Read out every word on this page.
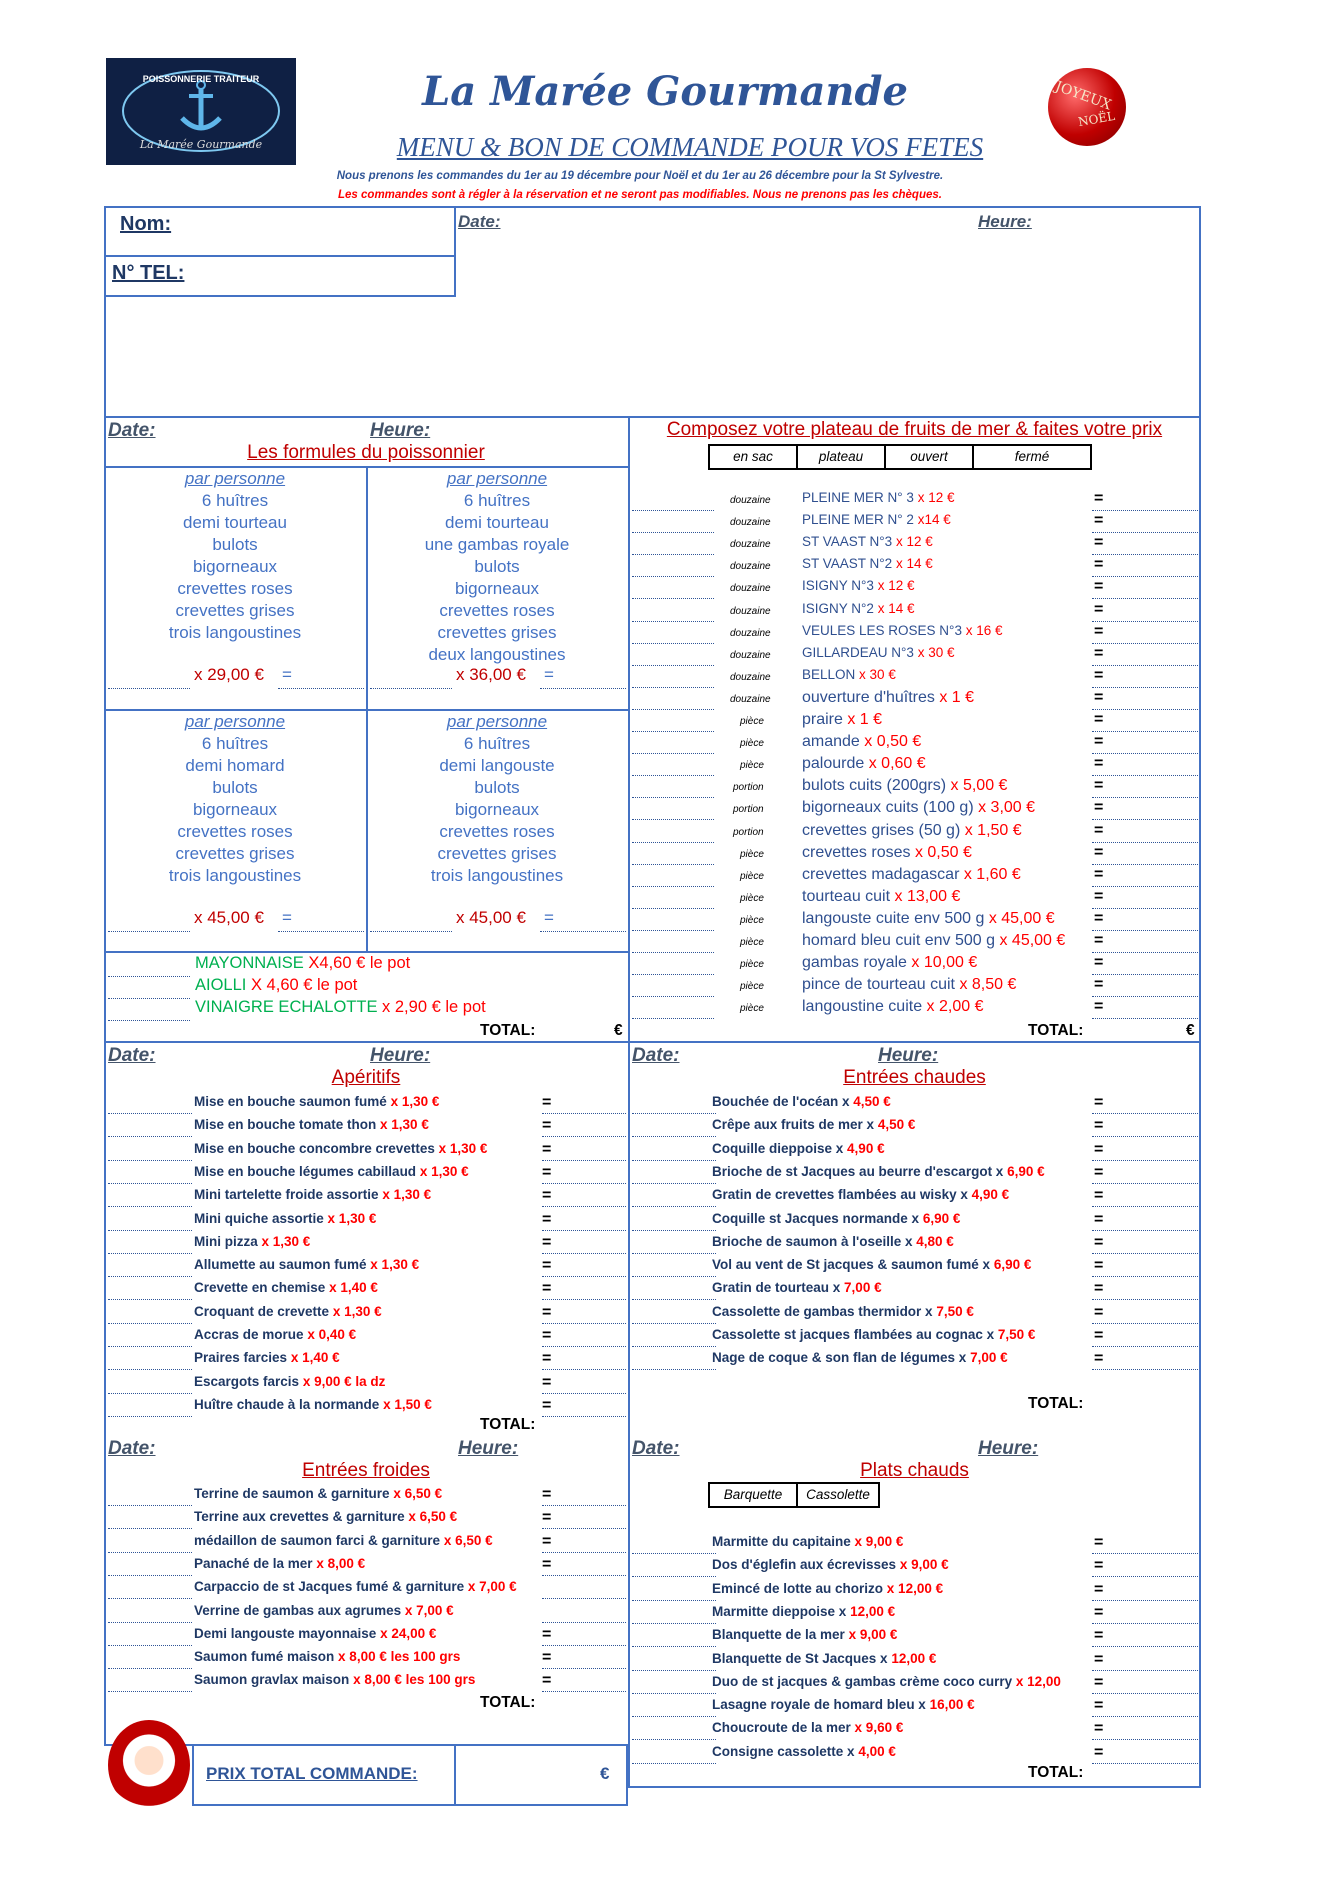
POISSONNERIE TRAITEUR
La Marée Gourmande
La Marée Gourmande
MENU & BON DE COMMANDE POUR VOS FETES
JOYEUX
NOËL
Nous prenons les commandes du 1er au 19 décembre pour Noël et du 1er au 26 décembre pour la St Sylvestre.
Les commandes sont à régler à la réservation et ne seront pas modifiables. Nous ne prenons pas les chèques.
Nom:
N° TEL:
Date:	Heure:
Date:	Heure:
Les formules du poissonnier
par personne
6 huîtres
demi tourteau
bulots
bigorneaux
crevettes roses
crevettes grises
trois langoustines
x 29,00 € =
par personne
6 huîtres
demi tourteau
une gambas royale
bulots
bigorneaux
crevettes roses
crevettes grises
deux langoustines
x 36,00 € =
par personne
6 huîtres
demi homard
bulots
bigorneaux
crevettes roses
crevettes grises
trois langoustines
x 45,00 € =
par personne
6 huîtres
demi langouste
bulots
bigorneaux
crevettes roses
crevettes grises
trois langoustines
x 45,00 € =
MAYONNAISE X4,60 € le pot
AIOLLI X 4,60 € le pot
VINAIGRE ECHALOTTE x 2,90 € le pot
TOTAL:	€
Composez votre plateau de fruits de mer & faites votre prix
en sac	plateau	ouvert	fermé
douzaine PLEINE MER N° 3 x 12 €	=
douzaine PLEINE MER N° 2 x14 €	=
douzaine ST VAAST N°3 x 12 €	=
douzaine ST VAAST N°2 x 14 €	=
douzaine ISIGNY N°3 x 12 €	=
douzaine ISIGNY N°2 x 14 €	=
douzaine VEULES LES ROSES N°3 x 16 €	=
douzaine GILLARDEAU N°3 x 30 €	=
douzaine BELLON x 30 €	=
douzaine ouverture d'huîtres x 1 €	=
pièce praire x 1 €	=
pièce amande x 0,50 €	=
pièce palourde x 0,60 €	=
portion bulots cuits (200grs) x 5,00 €	=
portion bigorneaux cuits (100 g) x 3,00 €	=
portion crevettes grises (50 g) x 1,50 €	=
pièce crevettes roses x 0,50 €	=
pièce crevettes madagascar x 1,60 €	=
pièce tourteau cuit x 13,00 €	=
pièce langouste cuite env 500 g x 45,00 € =
pièce homard bleu cuit env 500 g x 45,00 € =
pièce gambas royale x 10,00 €	=
pièce pince de tourteau cuit x 8,50 €	=
pièce langoustine cuite x 2,00 €	=
TOTAL:	€
Date:	Heure:
Apéritifs
Mise en bouche saumon fumé x 1,30 €	=
Mise en bouche tomate thon x 1,30 €	=
Mise en bouche concombre crevettes x 1,30 €	=
Mise en bouche légumes cabillaud x 1,30 €	=
Mini tartelette froide assortie x 1,30 €	=
Mini quiche assortie x 1,30 €	=
Mini pizza x 1,30 €	=
Allumette au saumon fumé x 1,30 €	=
Crevette en chemise x 1,40 €	=
Croquant de crevette x 1,30 €	=
Accras de morue x 0,40 €	=
Praires farcies x 1,40 €	=
Escargots farcis x 9,00 € la dz	=
Huître chaude à la normande x 1,50 €	=
TOTAL:
Date:	Heure:
Entrées chaudes
Bouchée de l'océan x 4,50 €	=
Crêpe aux fruits de mer x 4,50 €	=
Coquille dieppoise x 4,90 €	=
Brioche de st Jacques au beurre d'escargot x 6,90 €	=
Gratin de crevettes flambées au wisky x 4,90 €	=
Coquille st Jacques normande x 6,90 €	=
Brioche de saumon à l'oseille x 4,80 €	=
Vol au vent de St jacques & saumon fumé x 6,90 €	=
Gratin de tourteau x 7,00 €	=
Cassolette de gambas thermidor x 7,50 €	=
Cassolette st jacques flambées au cognac x 7,50 €	=
Nage de coque & son flan de légumes x 7,00 €	=
TOTAL:
Date:	Heure:
Entrées froides
Terrine de saumon & garniture x 6,50 €	=
Terrine aux crevettes & garniture x 6,50 €	=
médaillon de saumon farci & garniture x 6,50 €	=
Panaché de la mer x 8,00 €	=
Carpaccio de st Jacques fumé & garniture x 7,00 €
Verrine de gambas aux agrumes x 7,00 €
Demi langouste mayonnaise x 24,00 €	=
Saumon fumé maison x 8,00 € les 100 grs	=
Saumon gravlax maison x 8,00 € les 100 grs	=
TOTAL:
Date:	Heure:
Plats chauds
Barquette	Cassolette
Marmitte du capitaine x 9,00 €	=
Dos d'églefin aux écrevisses x 9,00 €	=
Emincé de lotte au chorizo x 12,00 €	=
Marmitte dieppoise x 12,00 €	=
Blanquette de la mer x 9,00 €	=
Blanquette de St Jacques x 12,00 €	=
Duo de st jacques & gambas crème coco curry x 12,00 =
Lasagne royale de homard bleu x 16,00 €	=
Choucroute de la mer x 9,60 €	=
Consigne cassolette x 4,00 €	=
TOTAL:
PRIX TOTAL COMMANDE:	€
